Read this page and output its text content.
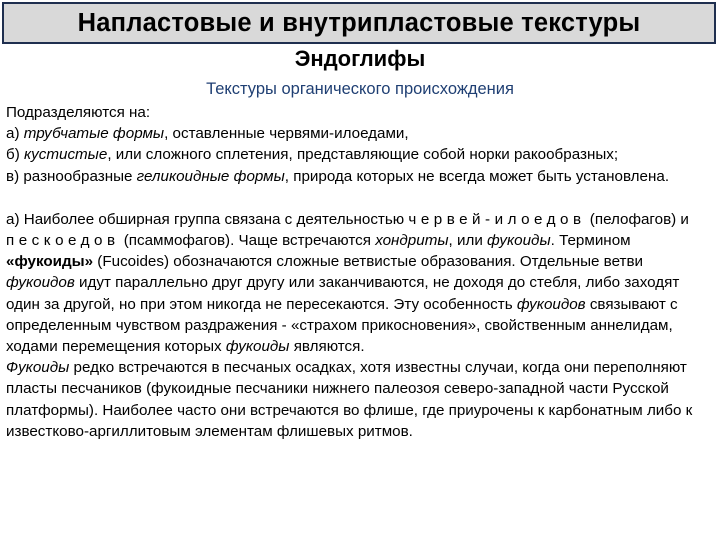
Напластовые и внутрипластовые текстуры
Эндоглифы
Текстуры органического происхождения

Подразделяются на:

а) трубчатые формы, оставленные червями-илоедами,

б) кустистые, или сложного сплетения, представляющие собой норки ракообразных;

в) разнообразные геликоидные формы, природа которых не всегда может быть установлена.

а) Наиболее обширная группа связана с деятельностью червей-илоедов (пелофагов) и пескоедов (псаммофагов). Чаще встречаются хондриты, или фукоиды. Термином «фукоиды» (Fucoides) обозначаются сложные ветвистые образования. Отдельные ветви фукоидов идут параллельно друг другу или заканчиваются, не доходя до стебля, либо заходят один за другой, но при этом никогда не пересекаются. Эту особенность фукоидов связывают с определенным чувством раздражения - «страхом прикосновения», свойственным аннелидам, ходами перемещения которых фукоиды являются.

Фукоиды редко встречаются в песчаных осадках, хотя известны случаи, когда они переполняют пласты песчаников (фукоидные песчаники нижнего палеозоя северо-западной части Русской платформы). Наиболее часто они встречаются во флише, где приурочены к карбонатным либо к известково-аргиллитовым элементам флишевых ритмов.
